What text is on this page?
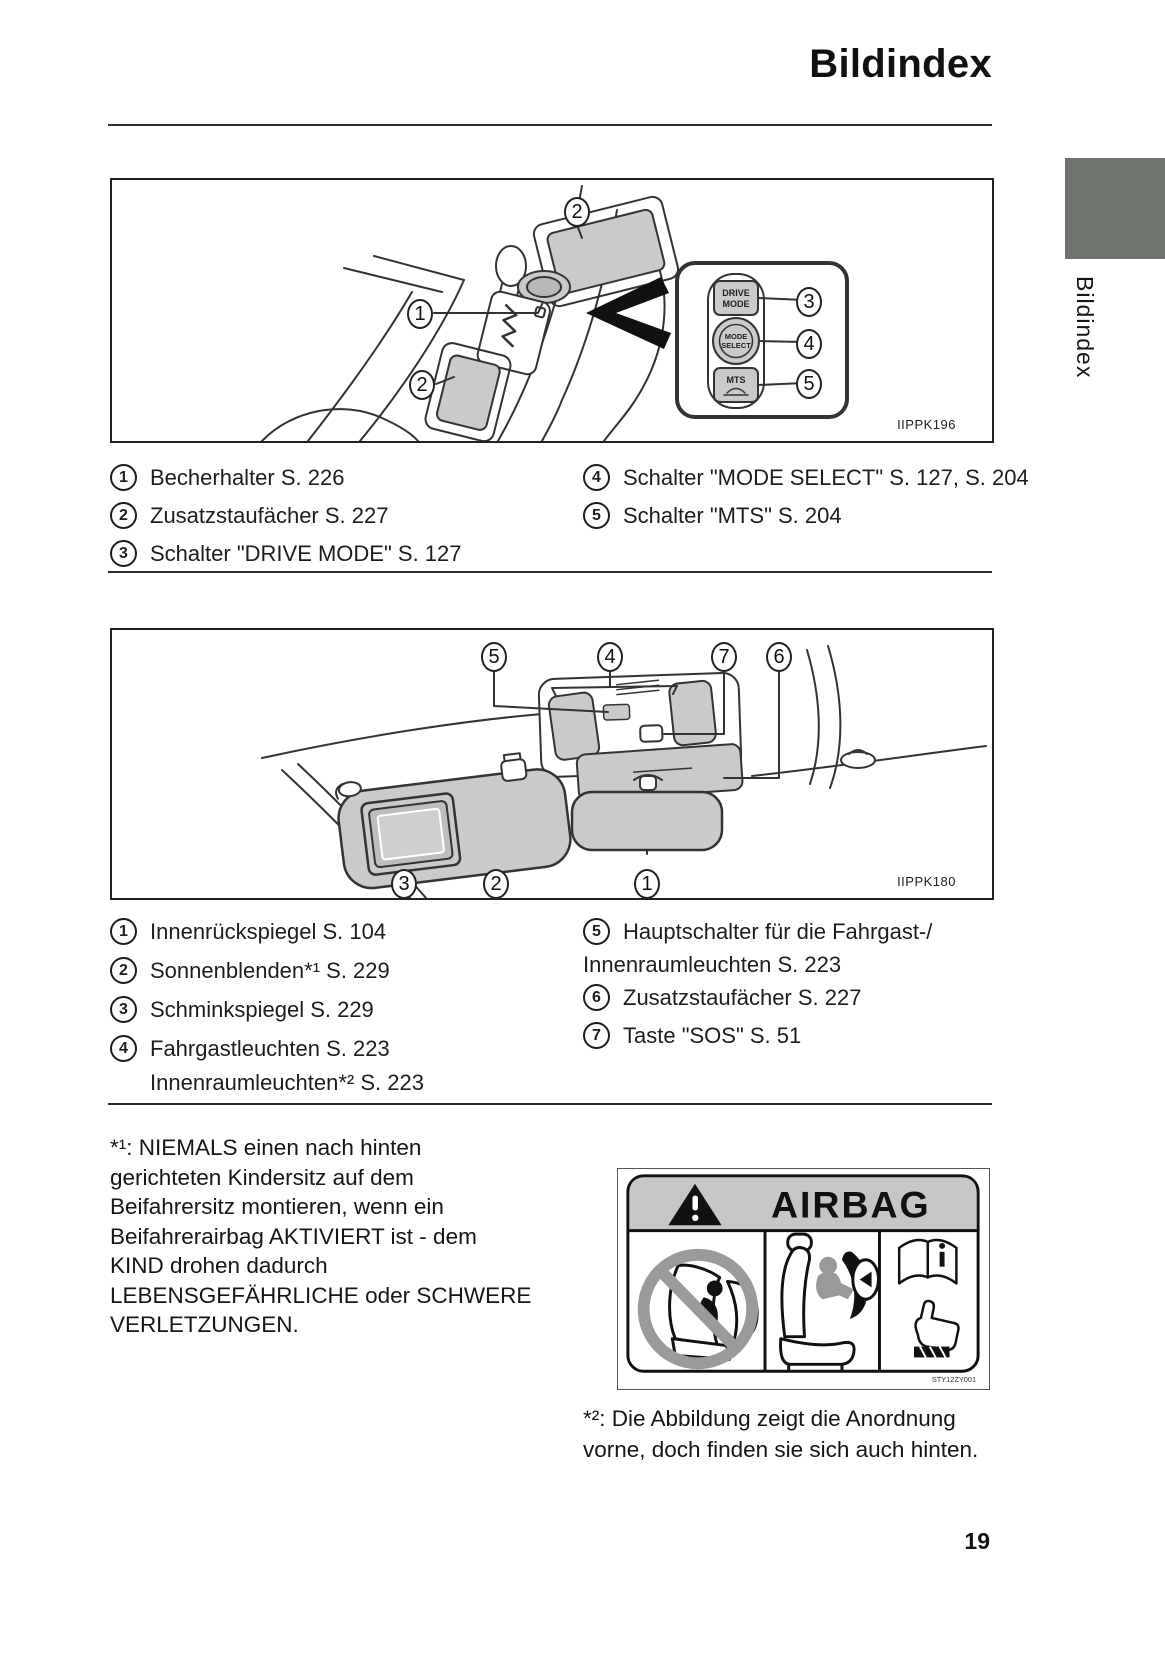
Bildindex
Bildindex
DRIVE
MODE
MODE
SELECT
MTS
2
1
2
3
4
5
IIPPK196
1	Becherhalter S. 226
2	Zusatzstaufächer S. 227
3	Schalter "DRIVE MODE" S. 127
4	Schalter "MODE SELECT" S. 127, S. 204
5	Schalter "MTS" S. 204
5	4	7	6
3	2	1	IIPPK180
1	Innenrückspiegel S. 104
2	Sonnenblenden*¹ S. 229
3	Schminkspiegel S. 229
4	Fahrgastleuchten S. 223
Innenraumleuchten*² S. 223
5	Hauptschalter für die Fahrgast-/
Innenraumleuchten S. 223
6	Zusatzstaufächer S. 227
7	Taste "SOS" S. 51
*¹: NIEMALS einen nach hinten
gerichteten Kindersitz auf dem
Beifahrersitz montieren, wenn ein
Beifahrerairbag AKTIVIERT ist - dem
KIND drohen dadurch
LEBENSGEFÄHRLICHE oder SCHWERE
VERLETZUNGEN.
AIRBAG
STY12ZY001
*²: Die Abbildung zeigt die Anordnung
vorne, doch finden sie sich auch hinten.
19
